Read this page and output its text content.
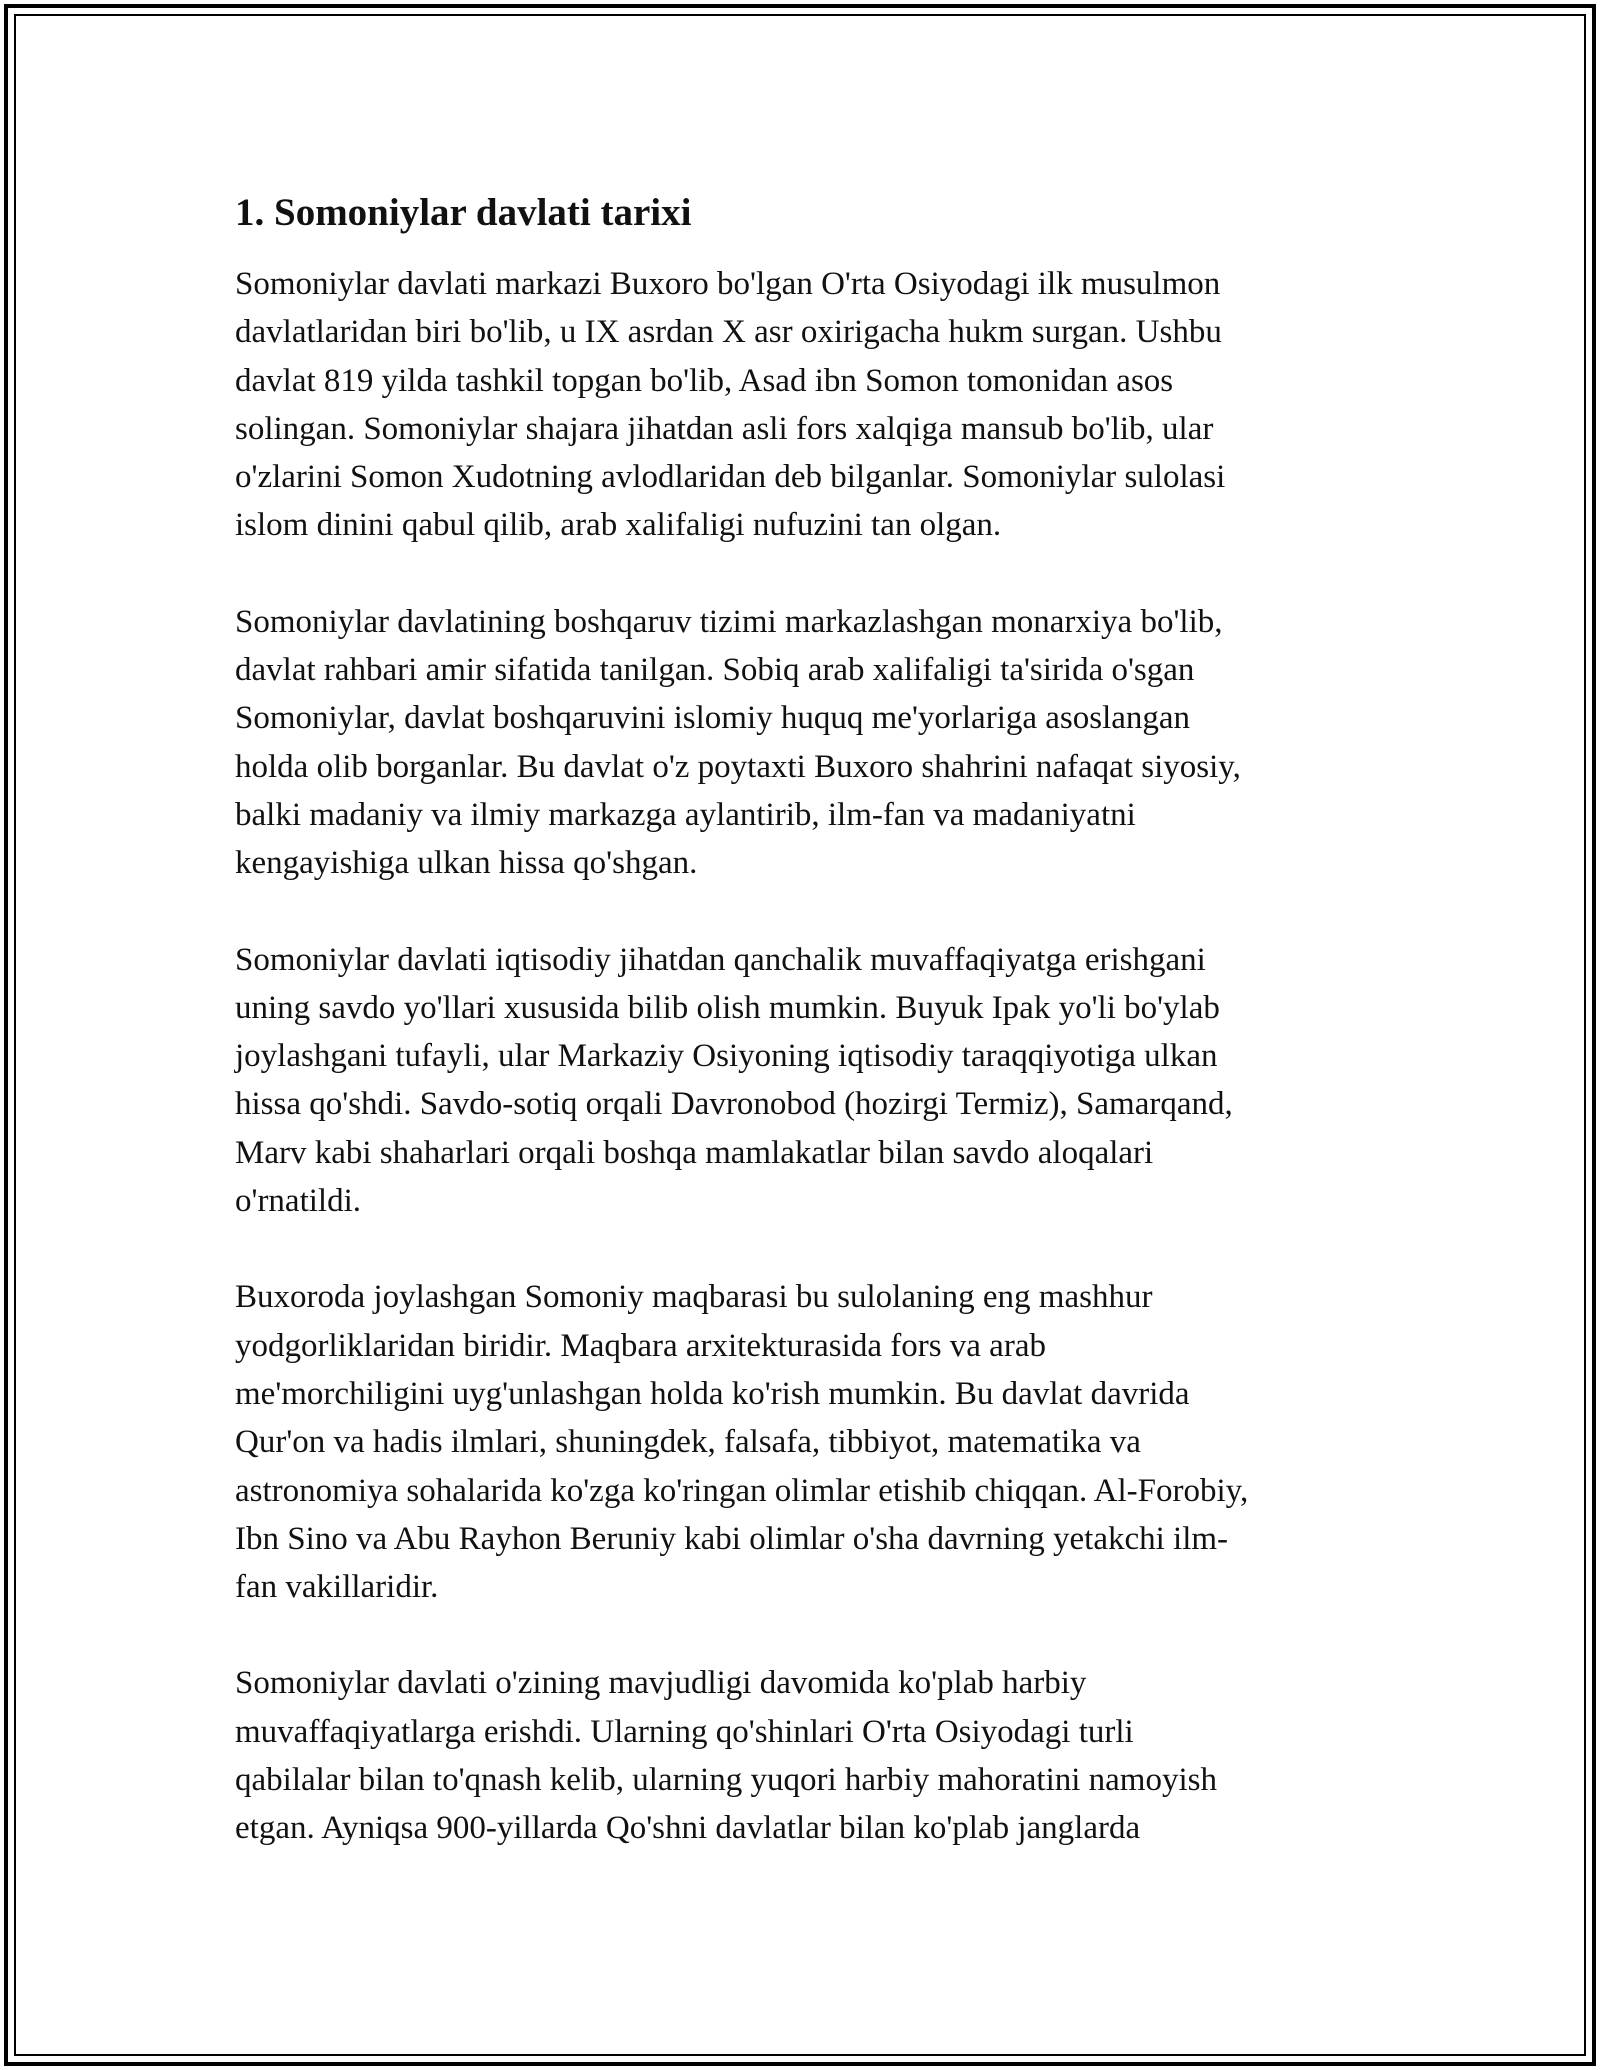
1. Somoniylar davlati tarixi
Somoniylar davlati markazi Buxoro bo'lgan O'rta Osiyodagi ilk musulmon
davlatlaridan biri bo'lib, u IX asrdan X asr oxirigacha hukm surgan. Ushbu
davlat 819 yilda tashkil topgan bo'lib, Asad ibn Somon tomonidan asos
solingan. Somoniylar shajara jihatdan asli fors xalqiga mansub bo'lib, ular
o'zlarini Somon Xudotning avlodlaridan deb bilganlar. Somoniylar sulolasi
islom dinini qabul qilib, arab xalifaligi nufuzini tan olgan.
Somoniylar davlatining boshqaruv tizimi markazlashgan monarxiya bo'lib,
davlat rahbari amir sifatida tanilgan. Sobiq arab xalifaligi ta'sirida o'sgan
Somoniylar, davlat boshqaruvini islomiy huquq me'yorlariga asoslangan
holda olib borganlar. Bu davlat o'z poytaxti Buxoro shahrini nafaqat siyosiy,
balki madaniy va ilmiy markazga aylantirib, ilm-fan va madaniyatni
kengayishiga ulkan hissa qo'shgan.
Somoniylar davlati iqtisodiy jihatdan qanchalik muvaffaqiyatga erishgani
uning savdo yo'llari xususida bilib olish mumkin. Buyuk Ipak yo'li bo'ylab
joylashgani tufayli, ular Markaziy Osiyoning iqtisodiy taraqqiyotiga ulkan
hissa qo'shdi. Savdo-sotiq orqali Davronobod (hozirgi Termiz), Samarqand,
Marv kabi shaharlari orqali boshqa mamlakatlar bilan savdo aloqalari
o'rnatildi.
Buxoroda joylashgan Somoniy maqbarasi bu sulolaning eng mashhur
yodgorliklaridan biridir. Maqbara arxitekturasida fors va arab
me'morchiligini uyg'unlashgan holda ko'rish mumkin. Bu davlat davrida
Qur'on va hadis ilmlari, shuningdek, falsafa, tibbiyot, matematika va
astronomiya sohalarida ko'zga ko'ringan olimlar etishib chiqqan. Al-Forobiy,
Ibn Sino va Abu Rayhon Beruniy kabi olimlar o'sha davrning yetakchi ilm-
fan vakillaridir.
Somoniylar davlati o'zining mavjudligi davomida ko'plab harbiy
muvaffaqiyatlarga erishdi. Ularning qo'shinlari O'rta Osiyodagi turli
qabilalar bilan to'qnash kelib, ularning yuqori harbiy mahoratini namoyish
etgan. Ayniqsa 900-yillarda Qo'shni davlatlar bilan ko'plab janglarda
